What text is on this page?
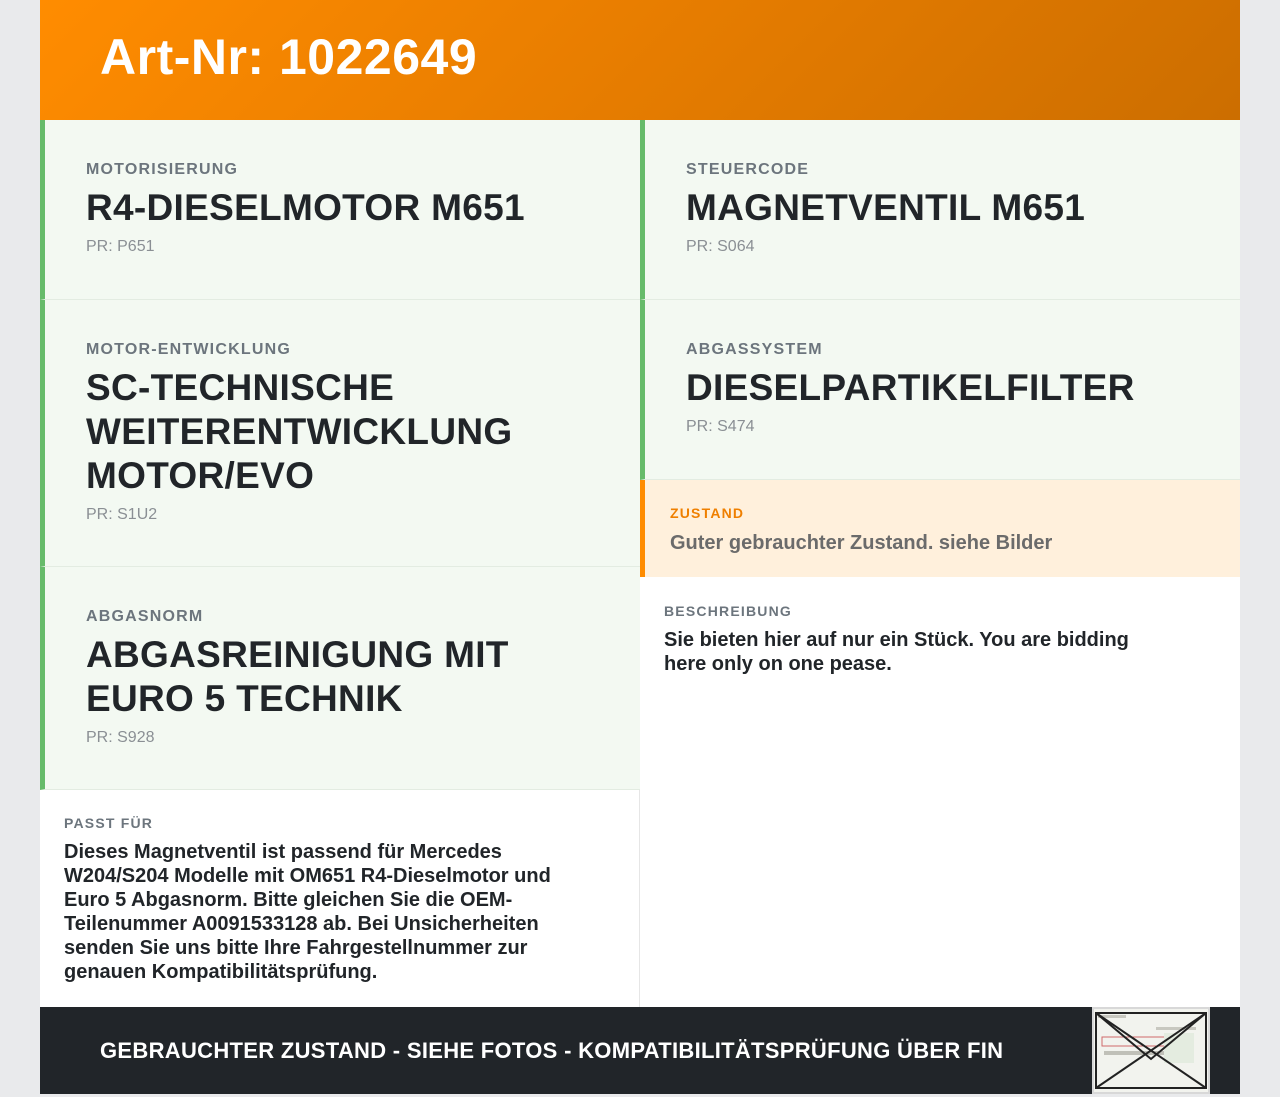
Art-Nr: 1022649
MOTORISIERUNG
R4-DIESELMOTOR M651
PR: P651
MOTOR-ENTWICKLUNG
SC-TECHNISCHE WEITERENTWICKLUNG MOTOR/EVO
PR: S1U2
ABGASNORM
ABGASREINIGUNG MIT EURO 5 TECHNIK
PR: S928
PASST FÜR
Dieses Magnetventil ist passend für Mercedes W204/S204 Modelle mit OM651 R4-Dieselmotor und Euro 5 Abgasnorm. Bitte gleichen Sie die OEM-Teilenummer A0091533128 ab. Bei Unsicherheiten senden Sie uns bitte Ihre Fahrgestellnummer zur genauen Kompatibilitätsprüfung.
STEUERCODE
MAGNETVENTIL M651
PR: S064
ABGASSYSTEM
DIESELPARTIKELFILTER
PR: S474
ZUSTAND
Guter gebrauchter Zustand. siehe Bilder
BESCHREIBUNG
Sie bieten hier auf nur ein Stück. You are bidding here only on one pease.
GEBRAUCHTER ZUSTAND - SIEHE FOTOS - KOMPATIBILITÄTSPRÜFUNG ÜBER FIN
